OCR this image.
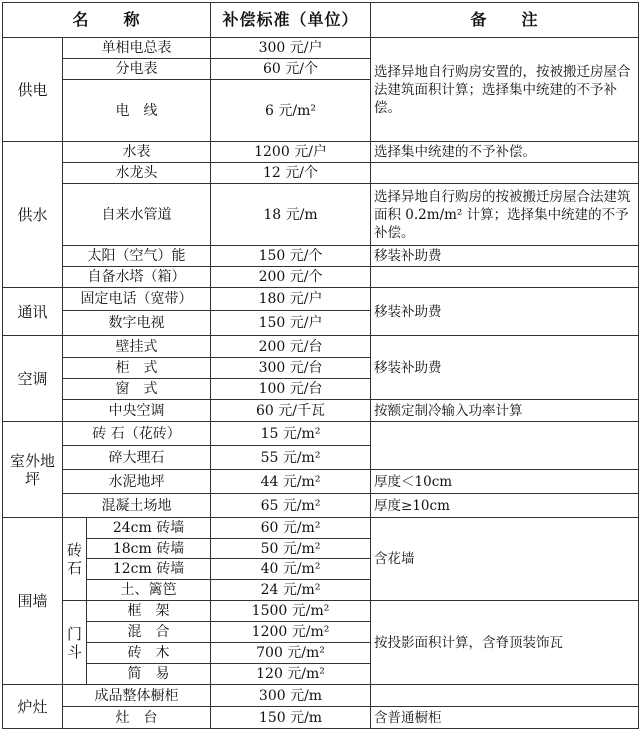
名　　称			补偿标准（单位）	备　　注
供电	单相电总表		300 元/户	选择异地自行购房安置的，按被搬迁房屋合法建筑面积计算；选择集中统建的不予补偿。
	分电表		60 元/个	
	电　线		6 元/m²	
供水	水表		1200 元/户	选择集中统建的不予补偿。
	水龙头		12 元/个	
	自来水管道		18 元/m	选择异地自行购房的按被搬迁房屋合法建筑面积 0.2m/m² 计算；选择集中统建的不予补偿。
	太阳（空气）能		150 元/个	移装补助费
	自备水塔（箱）		200 元/个	
通讯	固定电话（宽带）		180 元/户	移装补助费
	数字电视		150 元/户	
空调	壁挂式		200 元/台	移装补助费
	柜　式		300 元/台	
	窗　式		100 元/台	
	中央空调		60 元/千瓦	按额定制冷输入功率计算
室外地坪	砖 石（花砖）		15 元/m²	
	碎大理石		55 元/m²	
	水泥地坪		44 元/m²	厚度＜10cm
	混凝土场地		65 元/m²	厚度≥10cm
围墙	砖石	24cm 砖墙	60 元/m²	含花墙
		18cm 砖墙	50 元/m²	
		12cm 砖墙	40 元/m²	
		土、篱笆	24 元/m²	
	门斗	框　架	1500 元/m²	按投影面积计算，含脊顶装饰瓦
		混　合	1200 元/m²	
		砖　木	700 元/m²	
		简　易	120 元/m²	
炉灶	成品整体橱柜		300 元/m	
	灶　台		150 元/m	含普通橱柜
